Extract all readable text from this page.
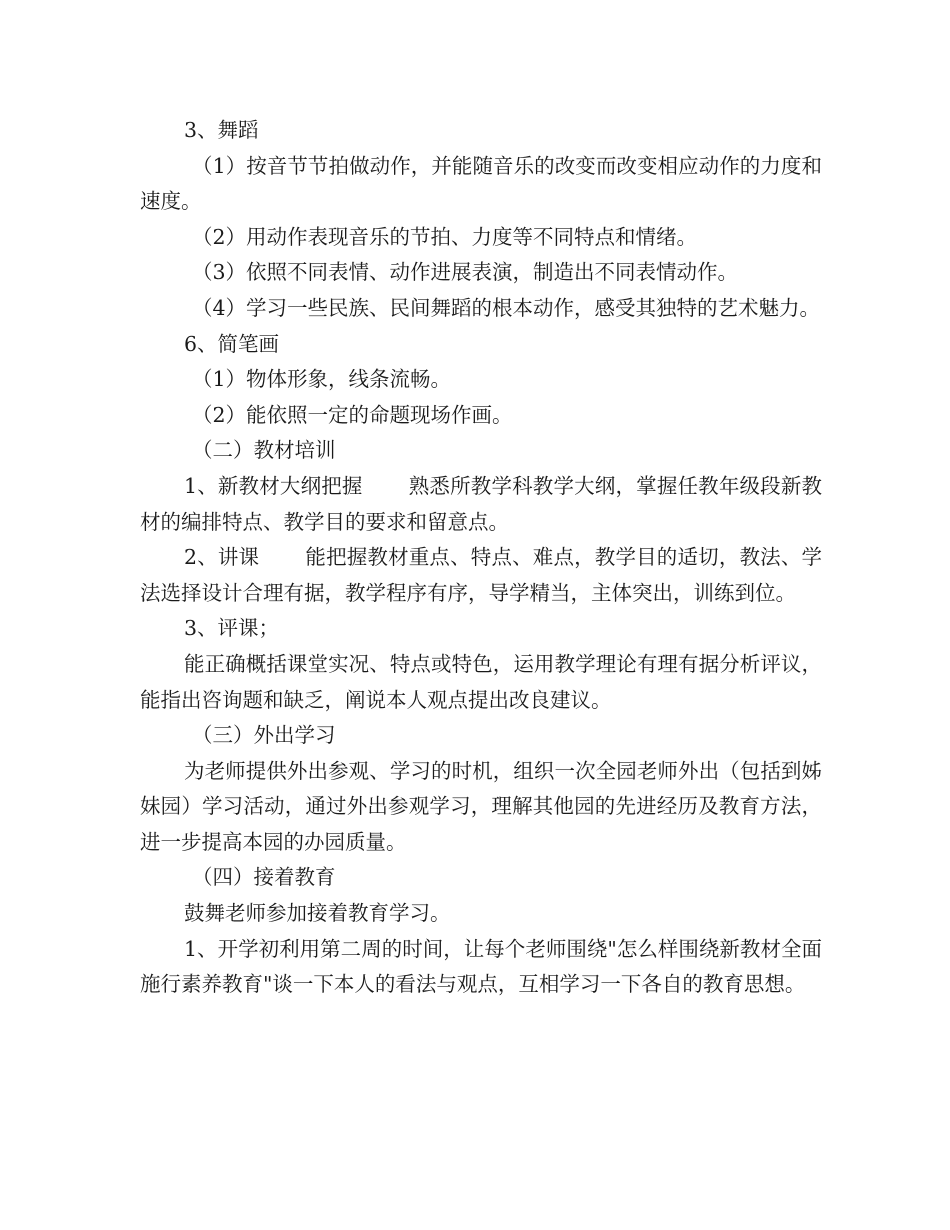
3、舞蹈

（1）按音节节拍做动作，并能随音乐的改变而改变相应动作的力度和速度。

（2）用动作表现音乐的节拍、力度等不同特点和情绪。

（3）依照不同表情、动作进展表演，制造出不同表情动作。

（4）学习一些民族、民间舞蹈的根本动作，感受其独特的艺术魅力。

6、简笔画

（1）物体形象，线条流畅。

（2）能依照一定的命题现场作画。

（二）教材培训

1、新教材大纲把握 熟悉所教学科教学大纲，掌握任教年级段新教材的编排特点、教学目的要求和留意点。

2、讲课 能把握教材重点、特点、难点，教学目的适切，教法、学法选择设计合理有据，教学程序有序，导学精当，主体突出，训练到位。

3、评课；

能正确概括课堂实况、特点或特色，运用教学理论有理有据分析评议，能指出咨询题和缺乏，阐说本人观点提出改良建议。

（三）外出学习

为老师提供外出参观、学习的时机，组织一次全园老师外出（包括到姊妹园）学习活动，通过外出参观学习，理解其他园的先进经历及教育方法，进一步提高本园的办园质量。

（四）接着教育

鼓舞老师参加接着教育学习。

1、开学初利用第二周的时间，让每个老师围绕"怎么样围绕新教材全面施行素养教育"谈一下本人的看法与观点，互相学习一下各自的教育思想。
